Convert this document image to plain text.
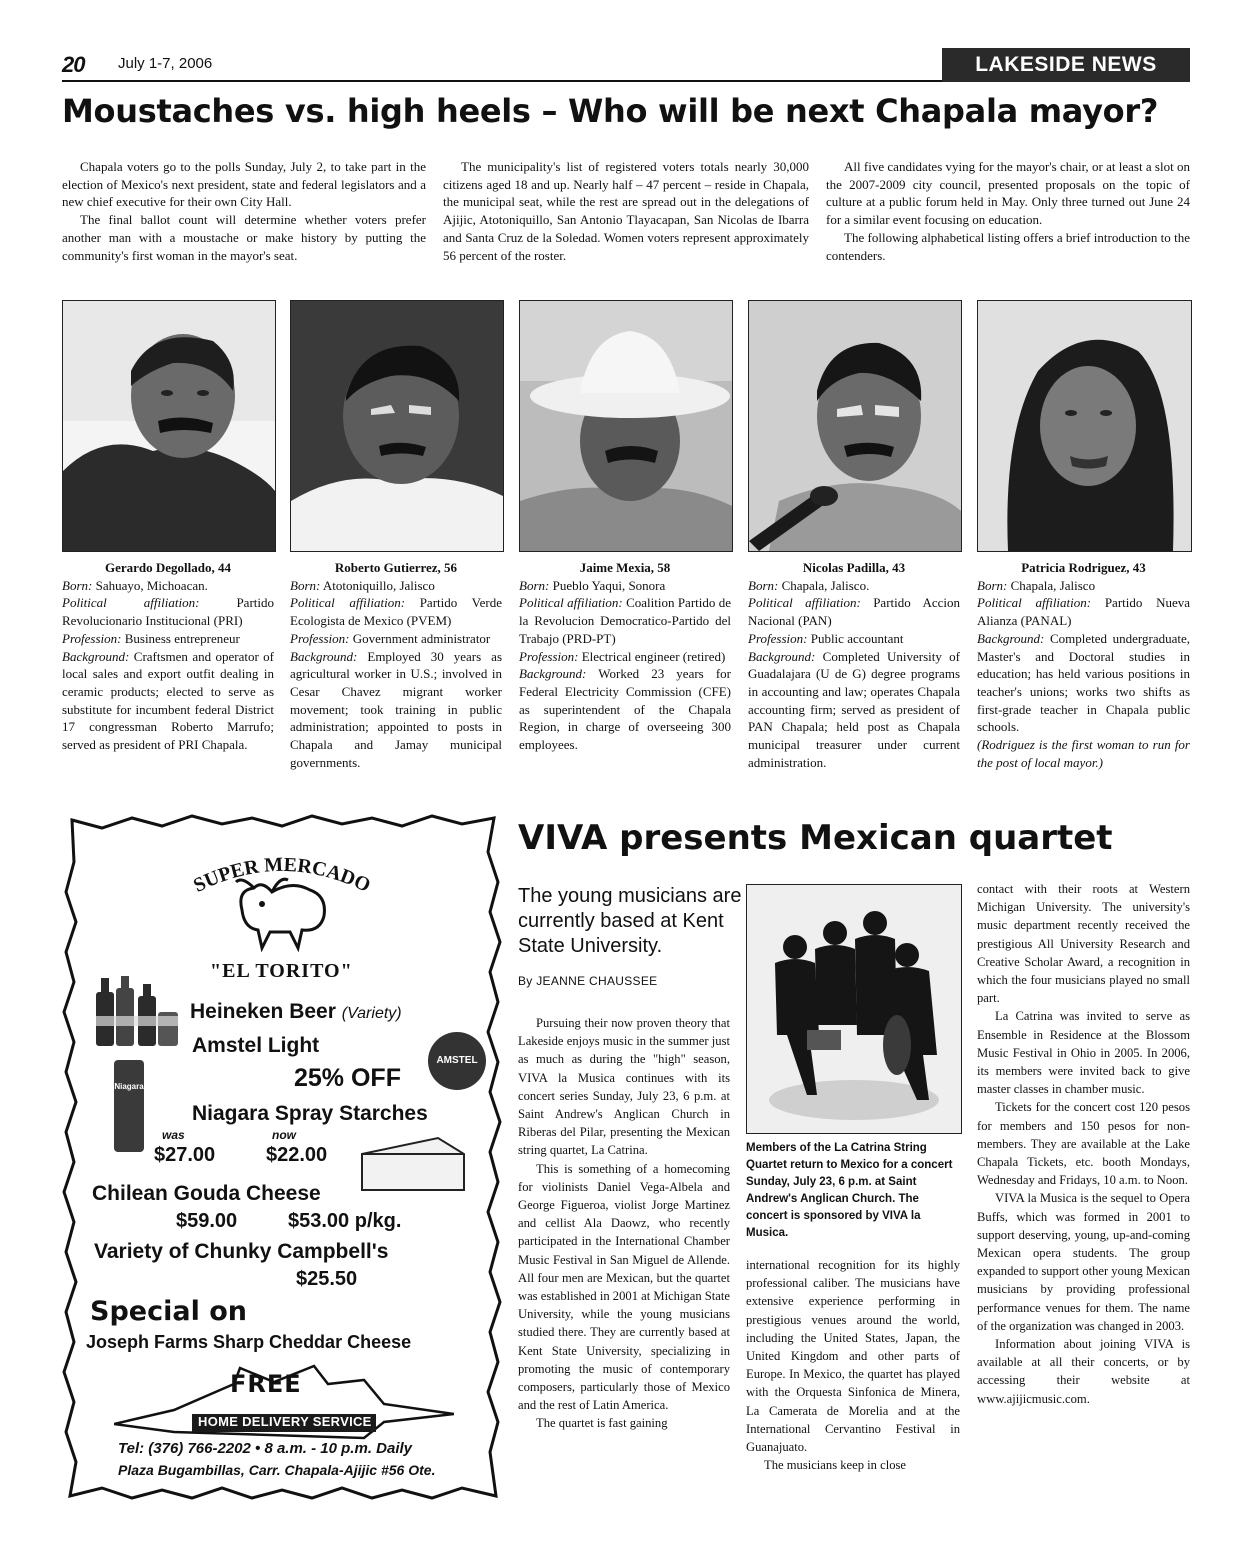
20 July 1-7, 2006	LAKESIDE NEWS
Moustaches vs. high heels – Who will be next Chapala mayor?

Chapala voters go to the polls Sunday, July 2, to take part in the election of Mexico's next president, state and federal legislators and a new chief executive for their own City Hall.

The final ballot count will determine whether voters prefer another man with a moustache or make history by putting the community's first woman in the mayor's seat.

The municipality's list of registered voters totals nearly 30,000 citizens aged 18 and up. Nearly half – 47 percent – reside in Chapala, the municipal seat, while the rest are spread out in the delegations of Ajijic, Atotoniquillo, San Antonio Tlayacapan, San Nicolas de Ibarra and Santa Cruz de la Soledad. Women voters represent approximately 56 percent of the roster.

All five candidates vying for the mayor's chair, or at least a slot on the 2007-2009 city council, presented proposals on the topic of culture at a public forum held in May. Only three turned out June 24 for a similar event focusing on education.

The following alphabetical listing offers a brief introduction to the contenders.

Gerardo Degollado, 44
Born: Sahuayo, Michoacan.
Political affiliation:	Partido Revolucionario Institucional (PRI)
Profession: Business entrepreneur
Background: Craftsmen and operator of local sales and export outfit dealing in ceramic products; elected to serve as substitute for incumbent federal District 17 congressman Roberto Marrufo; served as president of PRI Chapala.
Roberto Gutierrez, 56
Born: Atotoniquillo, Jalisco
Political affiliation: Partido Verde Ecologista de Mexico (PVEM)
Profession: Government administrator
Background: Employed 30 years as agricultural worker in U.S.; involved in Cesar Chavez migrant worker movement; took training in public administration; appointed to posts in Chapala and Jamay municipal governments.
Jaime Mexia, 58
Born: Pueblo Yaqui, Sonora
Political affiliation: Coalition Partido de la Revolucion Democratico-Partido del Trabajo (PRD-PT)
Profession: Electrical engineer (retired)
Background: Worked 23 years for Federal Electricity Commission (CFE) as superintendent of the Chapala Region, in charge of overseeing 300 employees.
Nicolas Padilla, 43
Born: Chapala, Jalisco.
Political affiliation: Partido Accion Nacional (PAN)
Profession: Public accountant
Background: Completed University of Guadalajara (U de G) degree programs in accounting and law; operates Chapala accounting firm; served as president of PAN Chapala; held post as Chapala municipal treasurer under current administration.
Patricia Rodriguez, 43
Born: Chapala, Jalisco
Political affiliation: Partido Nueva Alianza (PANAL)
Background: Completed undergraduate, Master's and Doctoral studies in education; has held various positions in teacher's unions; works two shifts as first-grade teacher in Chapala public schools.
(Rodriguez is the first woman to run for the post of local mayor.)
SUPER MERCADO
"EL TORITO"
Heineken Beer (Variety)
Amstel Light
AMSTEL
25% OFF
Niagara
Niagara Spray Starches
was	now
$27.00	$22.00
Chilean Gouda Cheese
$59.00	$53.00 p/kg.
Variety of Chunky Campbell's
$25.50
Special on
Joseph Farms Sharp Cheddar Cheese
FREE
HOME DELIVERY SERVICE
Tel: (376) 766-2202 • 8 a.m. - 10 p.m. Daily
Plaza Bugambillas, Carr. Chapala-Ajijic #56 Ote.
VIVA presents Mexican quartet
The young musicians are currently based at Kent State University.
By JEANNE CHAUSSEE

Pursuing their now proven theory that Lakeside enjoys music in the summer just as much as during the "high" season, VIVA la Musica continues with its concert series Sunday, July 23, 6 p.m. at Saint Andrew's Anglican Church in Riberas del Pilar, presenting the Mexican string quartet, La Catrina.

This is something of a homecoming for violinists Daniel Vega-Albela and George Figueroa, violist Jorge Martinez and cellist Ala Daowz, who recently participated in the International Chamber Music Festival in San Miguel de Allende. All four men are Mexican, but the quartet was established in 2001 at Michigan State University, while the young musicians studied there. They are currently based at Kent State University, specializing in promoting the music of contemporary composers, particularly those of Mexico and the rest of Latin America.

The quartet is fast gaining

Members of the La Catrina String Quartet return to Mexico for a concert Sunday, July 23, 6 p.m. at Saint Andrew's Anglican Church. The concert is sponsored by VIVA la Musica.

international recognition for its highly professional caliber. The musicians have extensive experience performing in prestigious venues around the world, including the United States, Japan, the United Kingdom and other parts of Europe. In Mexico, the quartet has played with the Orquesta Sinfonica de Minera, La Camerata de Morelia and at the International Cervantino Festival in Guanajuato.

The musicians keep in close

contact with their roots at Western Michigan University. The university's music department recently received the prestigious All University Research and Creative Scholar Award, a recognition in which the four musicians played no small part.

La Catrina was invited to serve as Ensemble in Residence at the Blossom Music Festival in Ohio in 2005. In 2006, its members were invited back to give master classes in chamber music.

Tickets for the concert cost 120 pesos for members and 150 pesos for non-members. They are available at the Lake Chapala Tickets, etc. booth Mondays, Wednesday and Fridays, 10 a.m. to Noon.

VIVA la Musica is the sequel to Opera Buffs, which was formed in 2001 to support deserving, young, up-and-coming Mexican opera students. The group expanded to support other young Mexican musicians by providing professional performance venues for them. The name of the organization was changed in 2003.

Information about joining VIVA is available at all their concerts, or by accessing their website at www.ajijicmusic.com.
